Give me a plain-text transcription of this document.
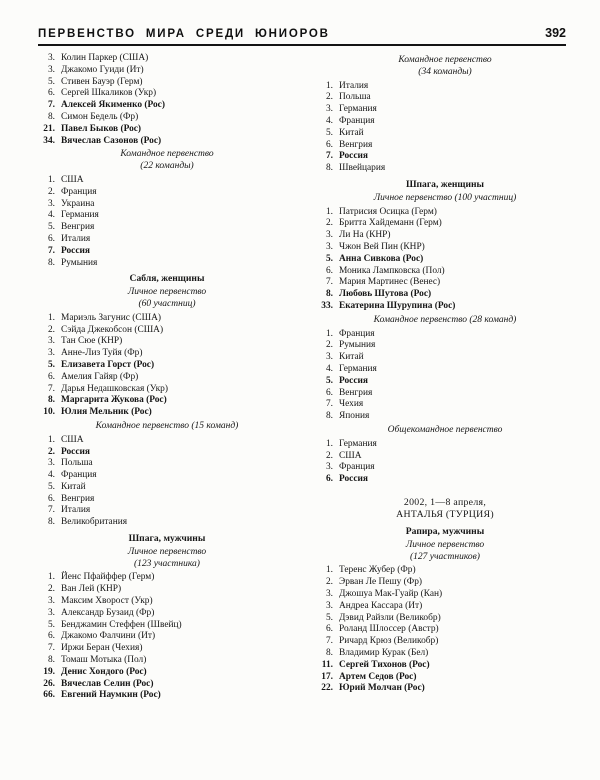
ПЕРВЕНСТВО МИРА СРЕДИ ЮНИОРОВ	392
3. Колин Паркер (США)
3. Джакомо Гуиди (Ит)
5. Стивен Бауэр (Герм)
6. Сергей Шкаликов (Укр)
7. Алексей Якименко (Рос)
8. Симон Бедель (Фр)
21. Павел Быков (Рос)
34. Вячеслав Сазонов (Рос)
Командное первенство
(22 команды)
1. США
2. Франция
3. Украина
4. Германия
5. Венгрия
6. Италия
7. Россия
8. Румыния
Сабля, женщины
Личное первенство
(60 участниц)
1. Мариэль Загунис (США)
2. Сэйда Джекобсон (США)
3. Тан Сюе (КНР)
3. Анне-Лиз Туйя (Фр)
5. Елизавета Горст (Рос)
6. Амелия Гайяр (Фр)
7. Дарья Недашковская (Укр)
8. Маргарита Жукова (Рос)
10. Юлия Мельник (Рос)
Командное первенство (15 команд)
1. США
2. Россия
3. Польша
4. Франция
5. Китай
6. Венгрия
7. Италия
8. Великобритания
Шпага, мужчины
Личное первенство
(123 участника)
1. Йенс Пфайффер (Герм)
2. Ван Лей (КНР)
3. Максим Хворост (Укр)
3. Александр Бузаид (Фр)
5. Бенджамин Стеффен (Швейц)
6. Джакомо Фалчини (Ит)
7. Иржи Беран (Чехия)
8. Томаш Мотыка (Пол)
19. Денис Хондого (Рос)
26. Вячеслав Селин (Рос)
66. Евгений Наумкин (Рос)
Командное первенство
(34 команды)
1. Италия
2. Польша
3. Германия
4. Франция
5. Китай
6. Венгрия
7. Россия
8. Швейцария
Шпага, женщины
Личное первенство (100 участниц)
1. Патрисия Осицка (Герм)
2. Бритта Хайдеманн (Герм)
3. Ли На (КНР)
3. Чжон Вей Пин (КНР)
5. Анна Сивкова (Рос)
6. Моника Лампковска (Пол)
7. Мария Мартинес (Венес)
8. Любовь Шутова (Рос)
33. Екатерина Шурупина (Рос)
Командное первенство (28 команд)
1. Франция
2. Румыния
3. Китай
4. Германия
5. Россия
6. Венгрия
7. Чехия
8. Япония
Общекомандное первенство
1. Германия
2. США
3. Франция
6. Россия
2002, 1—8 апреля,
АНТАЛЬЯ (ТУРЦИЯ)
Рапира, мужчины
Личное первенство
(127 участников)
1. Теренс Жубер (Фр)
2. Эрван Ле Пешу (Фр)
3. Джошуа Мак-Гуайр (Кан)
3. Андреа Кассара (Ит)
5. Дэвид Райзли (Великобр)
6. Роланд Шлоссер (Австр)
7. Ричард Крюз (Великобр)
8. Владимир Курак (Бел)
11. Сергей Тихонов (Рос)
17. Артем Седов (Рос)
22. Юрий Молчан (Рос)
